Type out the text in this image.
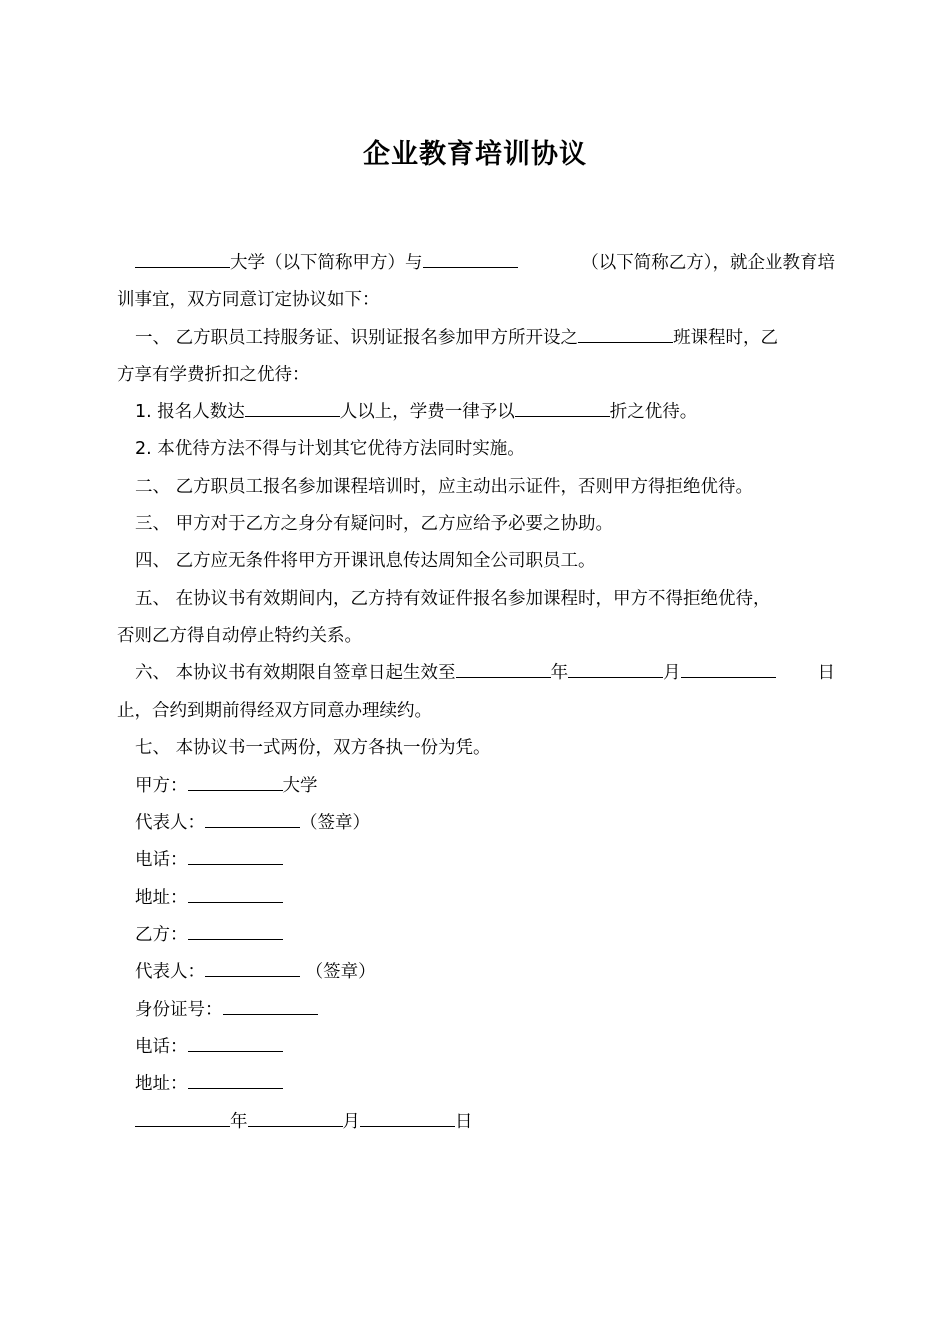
企业教育培训协议
大学（以下简称甲方）与	（以下简称乙方），就企业教育培
训事宜，双方同意订定协议如下：
一、 乙方职员工持服务证、识别证报名参加甲方所开设之	班课程时，乙
方享有学费折扣之优待：
1. 报名人数达	人以上，学费一律予以	折之优待。
2. 本优待方法不得与计划其它优待方法同时实施。
二、 乙方职员工报名参加课程培训时，应主动出示证件，否则甲方得拒绝优待。
三、 甲方对于乙方之身分有疑问时，乙方应给予必要之协助。
四、 乙方应无条件将甲方开课讯息传达周知全公司职员工。
五、 在协议书有效期间内，乙方持有效证件报名参加课程时，甲方不得拒绝优待，
否则乙方得自动停止特约关系。
六、 本协议书有效期限自签章日起生效至	年	月	日
止，合约到期前得经双方同意办理续约。
七、 本协议书一式两份，双方各执一份为凭。
甲方：	大学
代表人：	（签章）
电话：
地址：
乙方：
代表人：	（签章）
身份证号：
电话：
地址：
年	月	日
